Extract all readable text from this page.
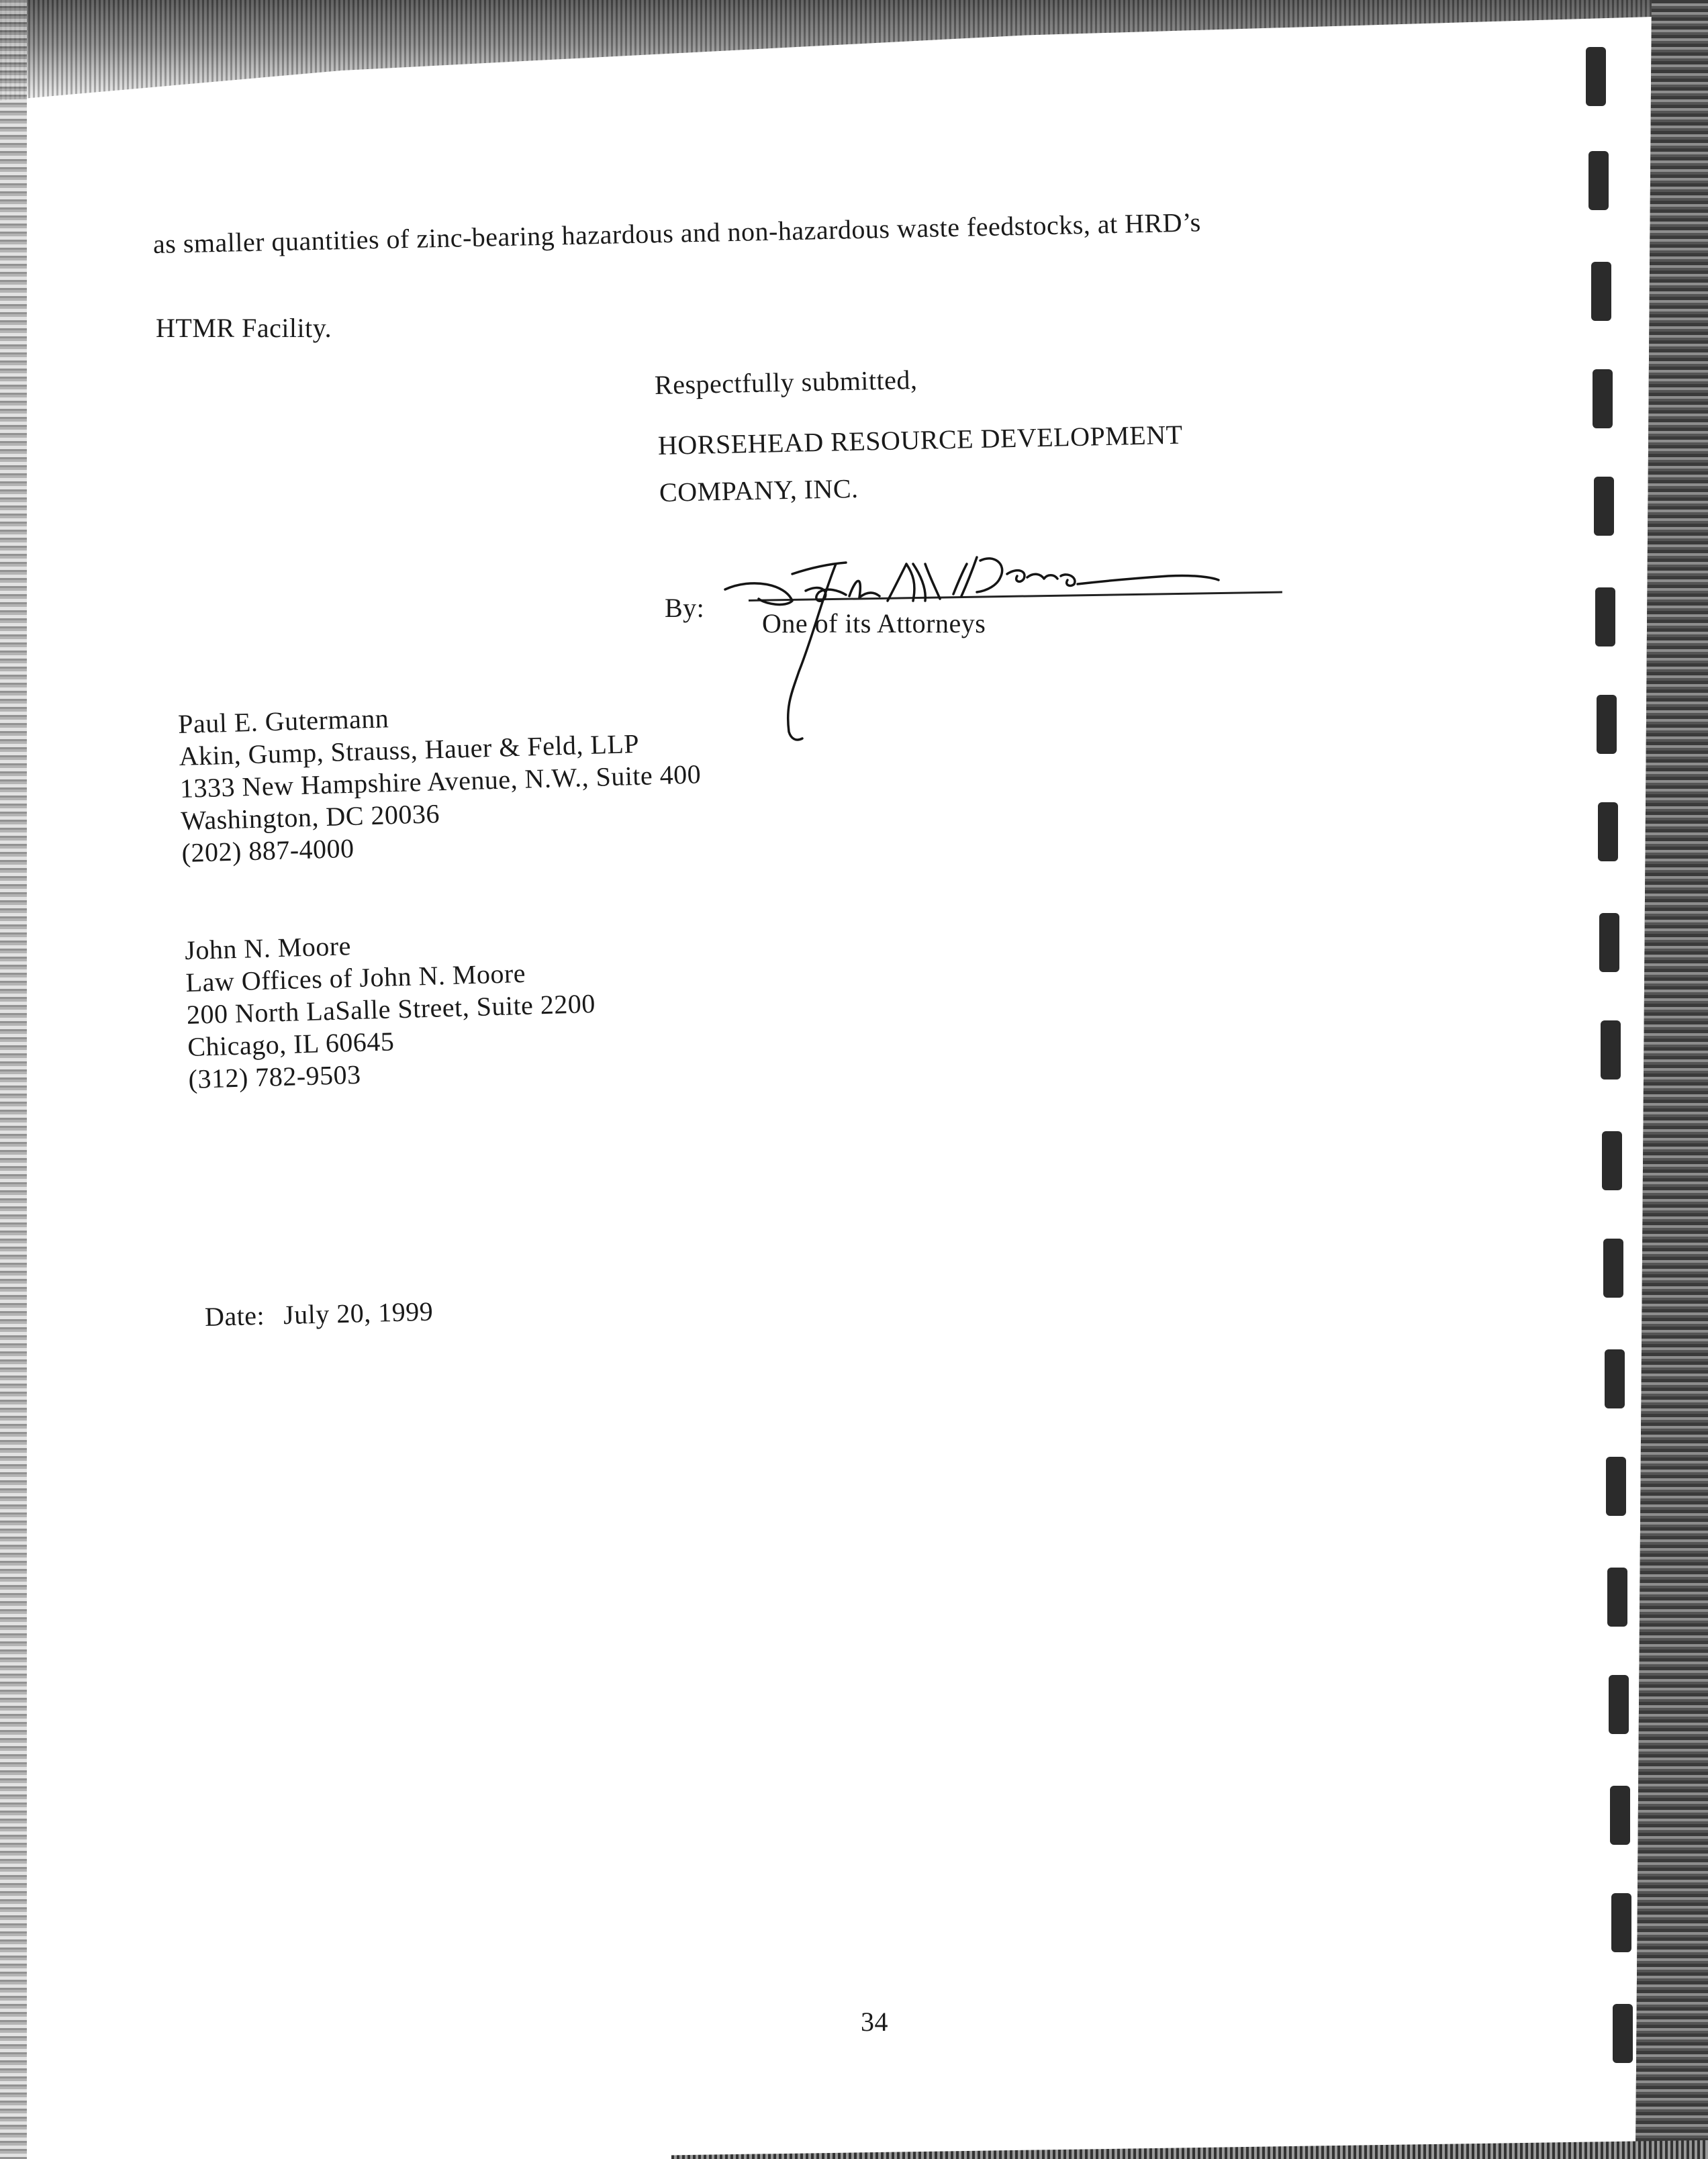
as smaller quantities of zinc-bearing hazardous and non-hazardous waste feedstocks, at HRD’s
HTMR Facility.
Respectfully submitted,
HORSEHEAD RESOURCE DEVELOPMENT
COMPANY, INC.
By:
One of its Attorneys
Paul E. Gutermann
Akin, Gump, Strauss, Hauer & Feld, LLP
1333 New Hampshire Avenue, N.W., Suite 400
Washington, DC 20036
(202) 887-4000
John N. Moore
Law Offices of John N. Moore
200 North LaSalle Street, Suite 2200
Chicago, IL 60645
(312) 782-9503
Date: July 20, 1999
34
